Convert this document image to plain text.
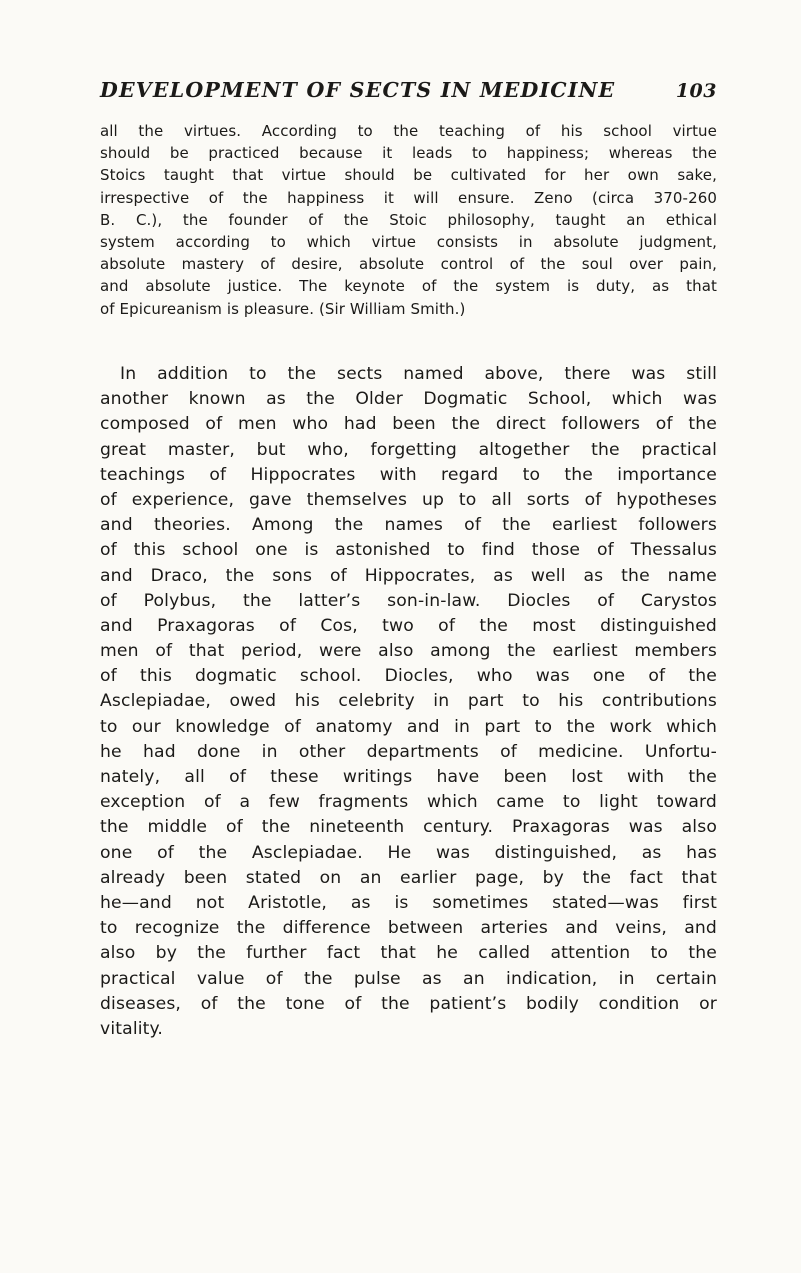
DEVELOPMENT OF SECTS IN MEDICINE	103
all the virtues. According to the teaching of his school virtue
should be practiced because it leads to happiness; whereas the
Stoics taught that virtue should be cultivated for her own sake,
irrespective of the happiness it will ensure. Zeno (circa 370-260
B. C.), the founder of the Stoic philosophy, taught an ethical
system according to which virtue consists in absolute judgment,
absolute mastery of desire, absolute control of the soul over pain,
and absolute justice. The keynote of the system is duty, as that
of Epicureanism is pleasure. (Sir William Smith.)
In addition to the sects named above, there was still
another known as the Older Dogmatic School, which was
composed of men who had been the direct followers of the
great master, but who, forgetting altogether the practical
teachings of Hippocrates with regard to the importance
of experience, gave themselves up to all sorts of hypotheses
and theories. Among the names of the earliest followers
of this school one is astonished to find those of Thessalus
and Draco, the sons of Hippocrates, as well as the name
of Polybus, the latter’s son-in-law. Diocles of Carystos
and Praxagoras of Cos, two of the most distinguished
men of that period, were also among the earliest members
of this dogmatic school. Diocles, who was one of the
Asclepiadae, owed his celebrity in part to his contributions
to our knowledge of anatomy and in part to the work which
he had done in other departments of medicine. Unfortu-
nately, all of these writings have been lost with the
exception of a few fragments which came to light toward
the middle of the nineteenth century. Praxagoras was also
one of the Asclepiadae. He was distinguished, as has
already been stated on an earlier page, by the fact that
he—and not Aristotle, as is sometimes stated—was first
to recognize the difference between arteries and veins, and
also by the further fact that he called attention to the
practical value of the pulse as an indication, in certain
diseases, of the tone of the patient’s bodily condition or
vitality.
